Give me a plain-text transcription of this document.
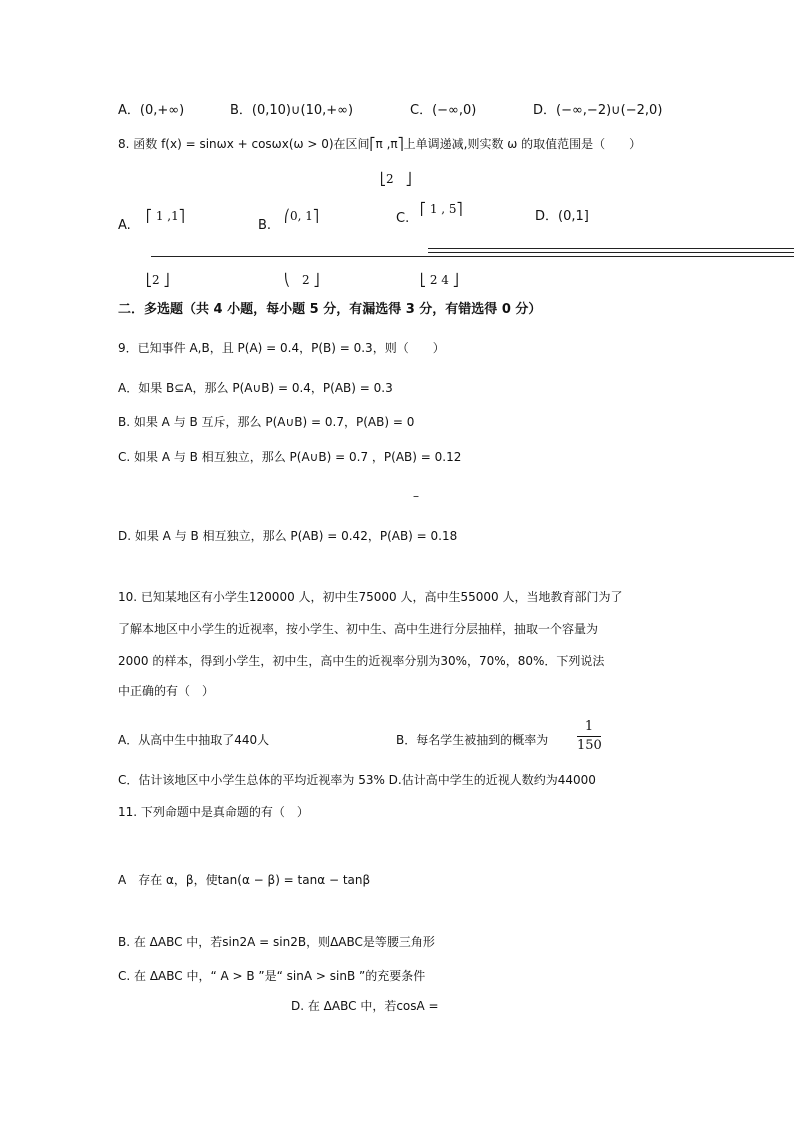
A．(0,+∞)	B．(0,10)∪(10,+∞)	C．(−∞,0)	D．(−∞,−2)∪(−2,0)
8. 函数 f(x) = sinωx + cosωx(ω > 0)在区间⎡π ,π⎤上单调递减,则实数 ω 的取值范围是（　　）
⎣2　⎦
A.
⎡ 1 ,1⎤
B.
⎛0, 1⎤	C.
⎡ 1 , 5⎤	D．(0,1]
⎣2 ⎦	⎝　2 ⎦	⎣ 2 4 ⎦
二．多选题（共 4 小题，每小题 5 分，有漏选得 3 分，有错选得 0 分）
9．已知事件 A,B，且 P(A) = 0.4，P(B) = 0.3，则（　　）
A．如果 B⊆A，那么 P(A∪B) = 0.4，P(AB) = 0.3
B. 如果 A 与 B 互斥，那么 P(A∪B) = 0.7，P(AB) = 0
C. 如果 A 与 B 相互独立，那么 P(A∪B) = 0.7 ，P(AB) = 0.12
–
D. 如果 A 与 B 相互独立，那么 P(AB) = 0.42，P(AB) = 0.18
10. 已知某地区有小学生120000 人，初中生75000 人，高中生55000 人，当地教育部门为了
了解本地区中小学生的近视率，按小学生、初中生、高中生进行分层抽样，抽取一个容量为
2000 的样本，得到小学生，初中生，高中生的近视率分别为30%，70%，80%．下列说法
中正确的有（　）
A．从高中生中抽取了440人	B．每名学生被抽到的概率为
1
150
C．估计该地区中小学生总体的平均近视率为 53% D.估计高中学生的近视人数约为44000
11. 下列命题中是真命题的有（　）
A　存在 α，β，使tan(α − β) = tanα − tanβ
B. 在 ΔABC 中，若sin2A = sin2B，则ΔABC是等腰三角形
C. 在 ΔABC 中，“ A > B ”是“ sinA > sinB ”的充要条件
D. 在 ΔABC 中，若cosA =
